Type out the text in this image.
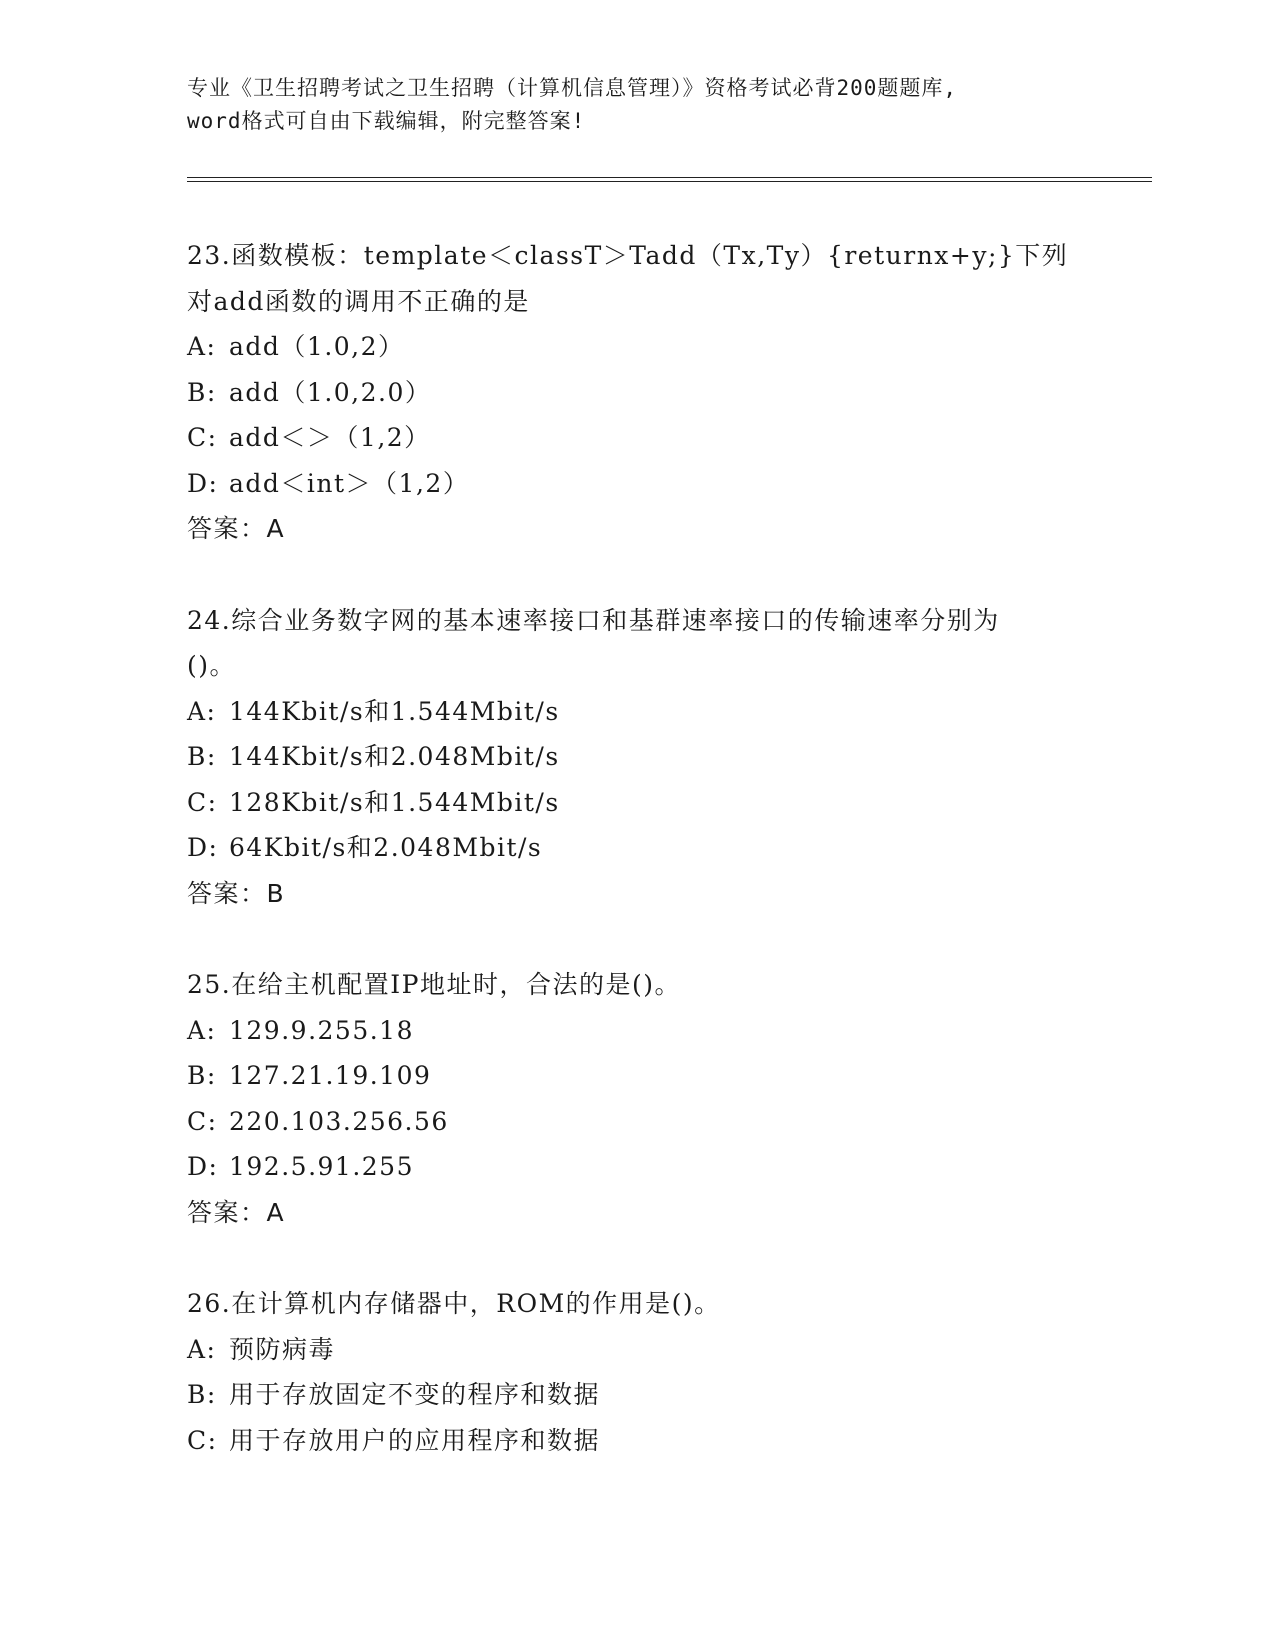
专业《卫生招聘考试之卫生招聘（计算机信息管理）》资格考试必背200题题库,
word格式可自由下载编辑，附完整答案!
23.函数模板：template＜classT＞Tadd（Tx,Ty）{returnx+y;}下列
对add函数的调用不正确的是
A: add（1.0,2）
B: add（1.0,2.0）
C: add＜＞（1,2）
D: add＜int＞（1,2）
答案：A
24.综合业务数字网的基本速率接口和基群速率接口的传输速率分别为
()。
A: 144Kbit/s和1.544Mbit/s
B: 144Kbit/s和2.048Mbit/s
C: 128Kbit/s和1.544Mbit/s
D: 64Kbit/s和2.048Mbit/s
答案：B
25.在给主机配置IP地址时，合法的是()。
A: 129.9.255.18
B: 127.21.19.109
C: 220.103.256.56
D: 192.5.91.255
答案：A
26.在计算机内存储器中，ROM的作用是()。
A: 预防病毒
B: 用于存放固定不变的程序和数据
C: 用于存放用户的应用程序和数据
